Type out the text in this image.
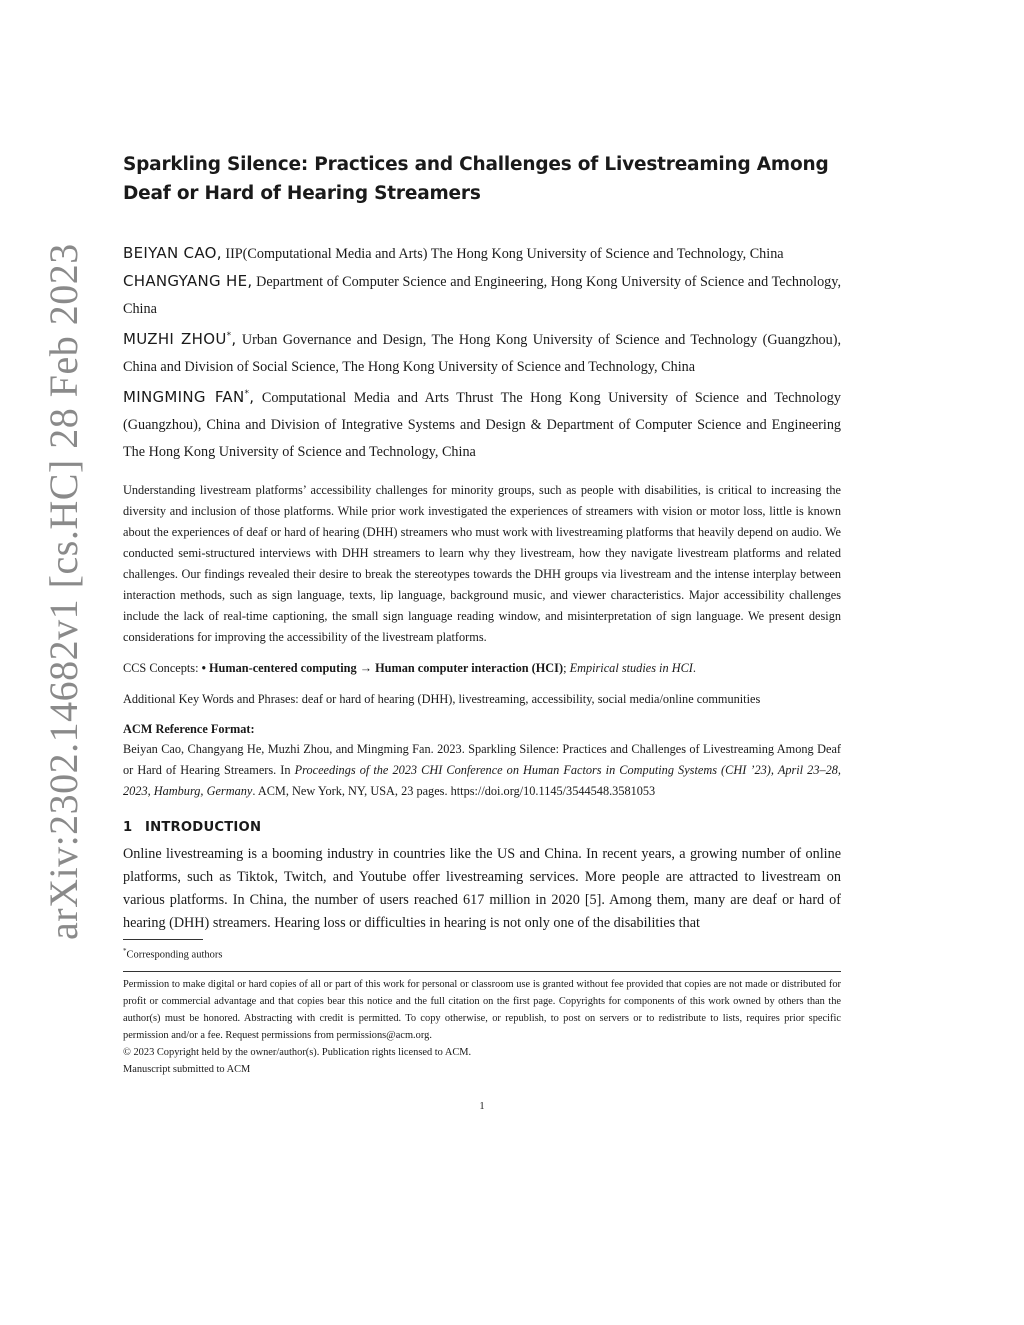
arXiv:2302.14682v1 [cs.HC] 28 Feb 2023
Sparkling Silence: Practices and Challenges of Livestreaming Among Deaf or Hard of Hearing Streamers
BEIYAN CAO, IIP(Computational Media and Arts) The Hong Kong University of Science and Technology, China
CHANGYANG HE, Department of Computer Science and Engineering, Hong Kong University of Science and Technology, China
MUZHI ZHOU*, Urban Governance and Design, The Hong Kong University of Science and Technology (Guangzhou), China and Division of Social Science, The Hong Kong University of Science and Technology, China
MINGMING FAN*, Computational Media and Arts Thrust The Hong Kong University of Science and Technology (Guangzhou), China and Division of Integrative Systems and Design & Department of Computer Science and Engineering The Hong Kong University of Science and Technology, China
Understanding livestream platforms’ accessibility challenges for minority groups, such as people with disabilities, is critical to increasing the diversity and inclusion of those platforms. While prior work investigated the experiences of streamers with vision or motor loss, little is known about the experiences of deaf or hard of hearing (DHH) streamers who must work with livestreaming platforms that heavily depend on audio. We conducted semi-structured interviews with DHH streamers to learn why they livestream, how they navigate livestream platforms and related challenges. Our findings revealed their desire to break the stereotypes towards the DHH groups via livestream and the intense interplay between interaction methods, such as sign language, texts, lip language, background music, and viewer characteristics. Major accessibility challenges include the lack of real-time captioning, the small sign language reading window, and misinterpretation of sign language. We present design considerations for improving the accessibility of the livestream platforms.
CCS Concepts: • Human-centered computing → Human computer interaction (HCI); Empirical studies in HCI.
Additional Key Words and Phrases: deaf or hard of hearing (DHH), livestreaming, accessibility, social media/online communities
ACM Reference Format:
Beiyan Cao, Changyang He, Muzhi Zhou, and Mingming Fan. 2023. Sparkling Silence: Practices and Challenges of Livestreaming Among Deaf or Hard of Hearing Streamers. In Proceedings of the 2023 CHI Conference on Human Factors in Computing Systems (CHI ’23), April 23–28, 2023, Hamburg, Germany. ACM, New York, NY, USA, 23 pages. https://doi.org/10.1145/3544548.3581053
1 INTRODUCTION
Online livestreaming is a booming industry in countries like the US and China. In recent years, a growing number of online platforms, such as Tiktok, Twitch, and Youtube offer livestreaming services. More people are attracted to livestream on various platforms. In China, the number of users reached 617 million in 2020 [5]. Among them, many are deaf or hard of hearing (DHH) streamers. Hearing loss or difficulties in hearing is not only one of the disabilities that
*Corresponding authors
Permission to make digital or hard copies of all or part of this work for personal or classroom use is granted without fee provided that copies are not made or distributed for profit or commercial advantage and that copies bear this notice and the full citation on the first page. Copyrights for components of this work owned by others than the author(s) must be honored. Abstracting with credit is permitted. To copy otherwise, or republish, to post on servers or to redistribute to lists, requires prior specific permission and/or a fee. Request permissions from permissions@acm.org.
© 2023 Copyright held by the owner/author(s). Publication rights licensed to ACM.
Manuscript submitted to ACM
1
